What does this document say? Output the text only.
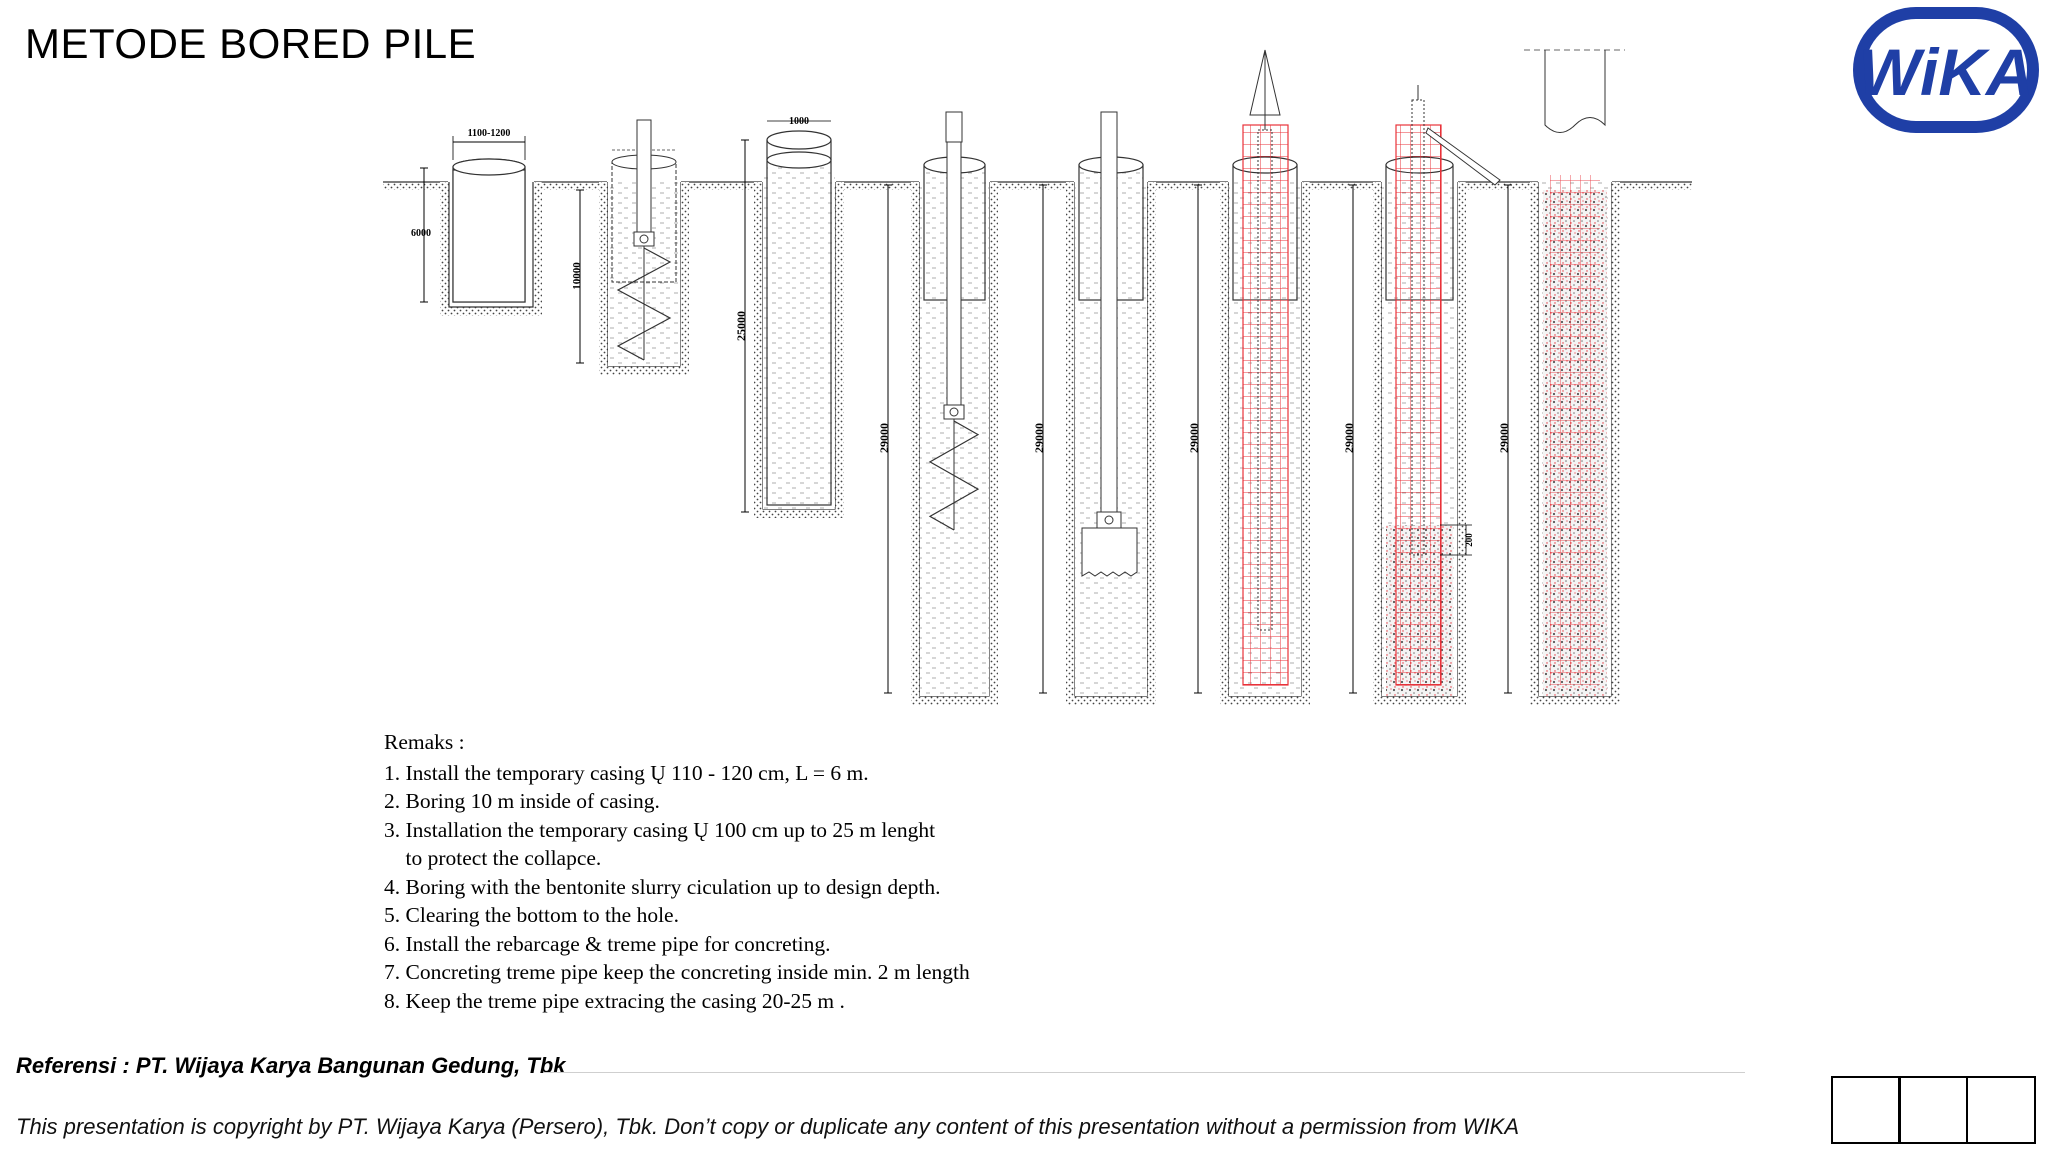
METODE BORED PILE	WiKA
1100-1200
6000
10000
1000
25000
29000	29000	29000	29000	29000
200
Remaks :
1. Install the temporary casing Ų 110 - 120 cm, L = 6 m.
2. Boring 10 m inside of casing.
3. Installation the temporary casing Ų 100 cm up to 25 m lenght
to protect the collapce.
4. Boring with the bentonite slurry ciculation up to design depth.
5. Clearing the bottom to the hole.
6. Install the rebarcage & treme pipe for concreting.
7. Concreting treme pipe keep the concreting inside min. 2 m length
8. Keep the treme pipe extracing the casing 20-25 m .
Referensi : PT. Wijaya Karya Bangunan Gedung, Tbk
This presentation is copyright by PT. Wijaya Karya (Persero), Tbk. Don’t copy or duplicate any content of this presentation without a permission from WIKA
